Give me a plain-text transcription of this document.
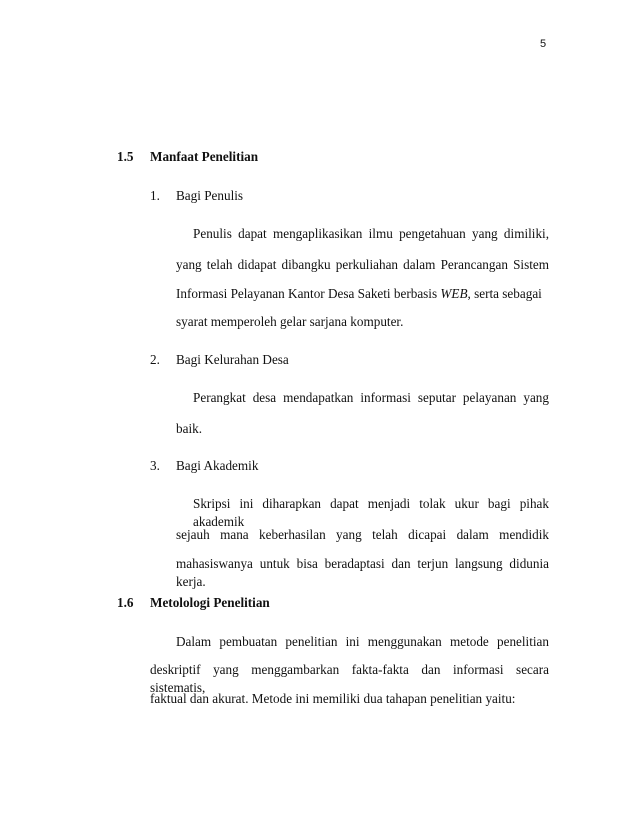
5
1.5 Manfaat Penelitian
1. Bagi Penulis
Penulis dapat mengaplikasikan ilmu pengetahuan yang dimiliki,
yang telah didapat dibangku perkuliahan dalam Perancangan Sistem
Informasi Pelayanan Kantor Desa Saketi berbasis WEB, serta sebagai
syarat memperoleh gelar sarjana komputer.
2. Bagi Kelurahan Desa
Perangkat desa mendapatkan informasi seputar pelayanan yang
baik.
3. Bagi Akademik
Skripsi ini diharapkan dapat menjadi tolak ukur bagi pihak akademik
sejauh mana keberhasilan yang telah dicapai dalam mendidik
mahasiswanya untuk bisa beradaptasi dan terjun langsung didunia kerja.
1.6 Metolologi Penelitian
Dalam pembuatan penelitian ini menggunakan metode penelitian
deskriptif yang menggambarkan fakta-fakta dan informasi secara sistematis,
faktual dan akurat. Metode ini memiliki dua tahapan penelitian yaitu:
